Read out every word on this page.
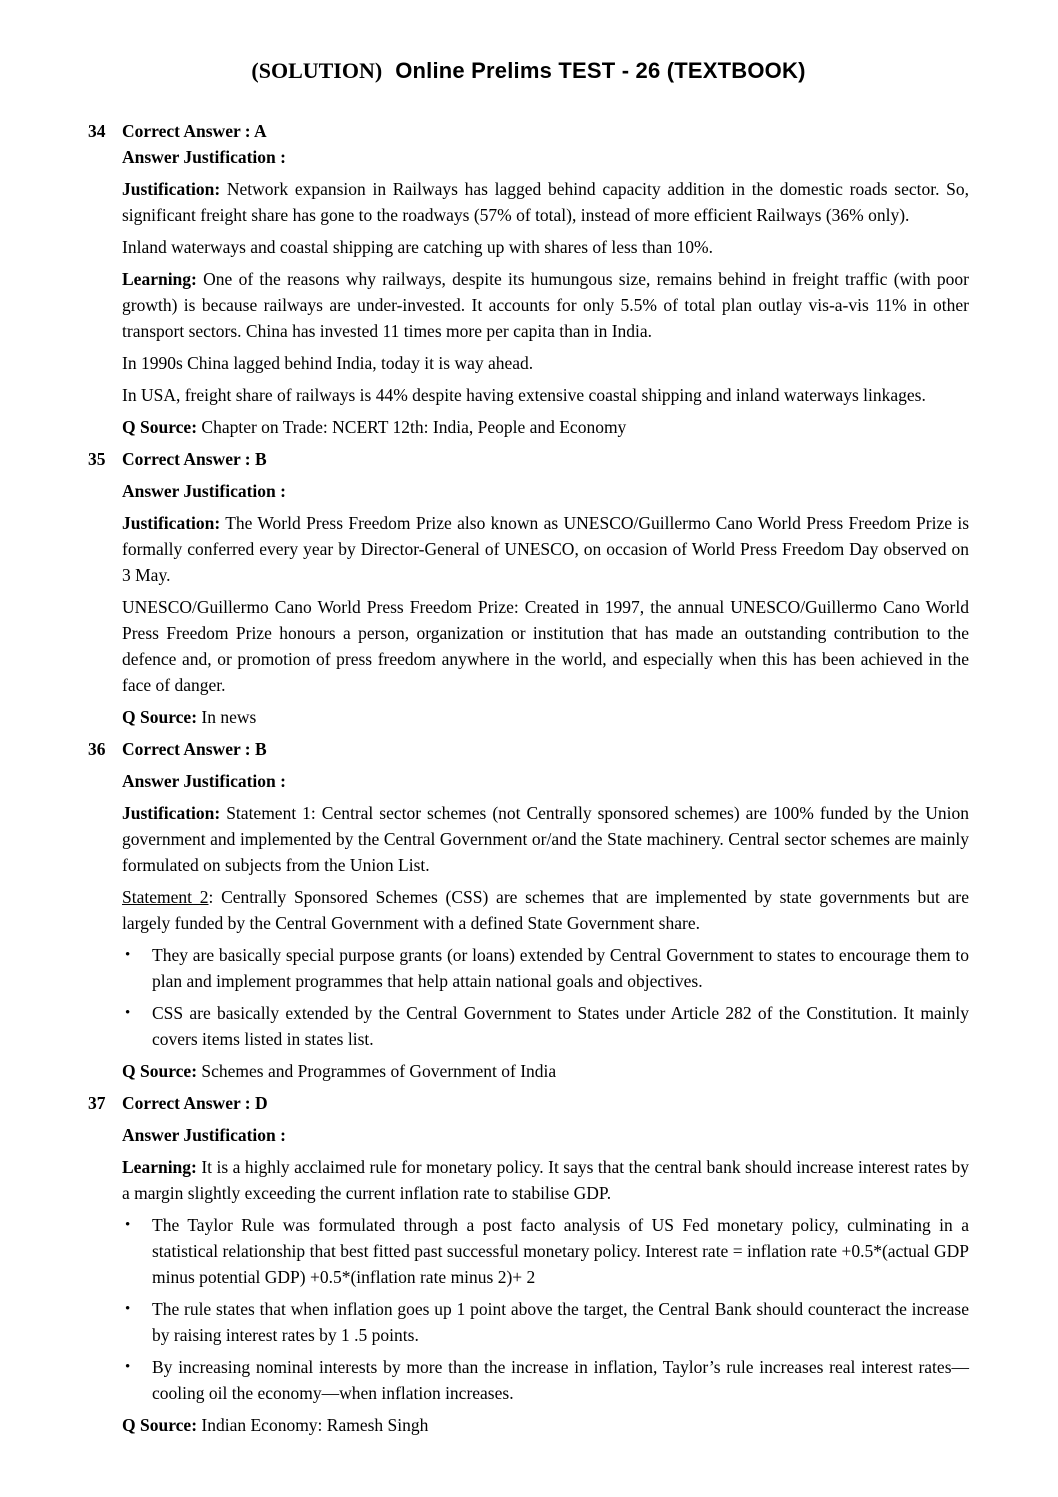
(SOLUTION) Online Prelims TEST - 26 (TEXTBOOK)
34 Correct Answer : A
Answer Justification :

Justification: Network expansion in Railways has lagged behind capacity addition in the domestic roads sector. So, significant freight share has gone to the roadways (57% of total), instead of more efficient Railways (36% only).

Inland waterways and coastal shipping are catching up with shares of less than 10%.

Learning: One of the reasons why railways, despite its humungous size, remains behind in freight traffic (with poor growth) is because railways are under-invested. It accounts for only 5.5% of total plan outlay vis-a-vis 11% in other transport sectors. China has invested 11 times more per capita than in India.

In 1990s China lagged behind India, today it is way ahead.

In USA, freight share of railways is 44% despite having extensive coastal shipping and inland waterways linkages.

Q Source: Chapter on Trade: NCERT 12th: India, People and Economy

35 Correct Answer : B
Answer Justification :

Justification: The World Press Freedom Prize also known as UNESCO/Guillermo Cano World Press Freedom Prize is formally conferred every year by Director-General of UNESCO, on occasion of World Press Freedom Day observed on 3 May.

UNESCO/Guillermo Cano World Press Freedom Prize: Created in 1997, the annual UNESCO/Guillermo Cano World Press Freedom Prize honours a person, organization or institution that has made an outstanding contribution to the defence and, or promotion of press freedom anywhere in the world, and especially when this has been achieved in the face of danger.

Q Source: In news

36 Correct Answer : B
Answer Justification :

Justification: Statement 1: Central sector schemes (not Centrally sponsored schemes) are 100% funded by the Union government and implemented by the Central Government or/and the State machinery. Central sector schemes are mainly formulated on subjects from the Union List.

Statement 2: Centrally Sponsored Schemes (CSS) are schemes that are implemented by state governments but are largely funded by the Central Government with a defined State Government share.

•	They are basically special purpose grants (or loans) extended by Central Government to states to encourage them to plan and implement programmes that help attain national goals and objectives.
•	CSS are basically extended by the Central Government to States under Article 282 of the Constitution. It mainly covers items listed in states list.

Q Source: Schemes and Programmes of Government of India

37 Correct Answer : D
Answer Justification :

Learning: It is a highly acclaimed rule for monetary policy. It says that the central bank should increase interest rates by a margin slightly exceeding the current inflation rate to stabilise GDP.

•	The Taylor Rule was formulated through a post facto analysis of US Fed monetary policy, culminating in a statistical relationship that best fitted past successful monetary policy. Interest rate = inflation rate +0.5*(actual GDP minus potential GDP) +0.5*(inflation rate minus 2)+ 2
•	The rule states that when inflation goes up 1 point above the target, the Central Bank should counteract the increase by raising interest rates by 1 .5 points.
•	By increasing nominal interests by more than the increase in inflation, Taylor’s rule increases real interest rates—cooling oil the economy—when inflation increases.

Q Source: Indian Economy: Ramesh Singh
